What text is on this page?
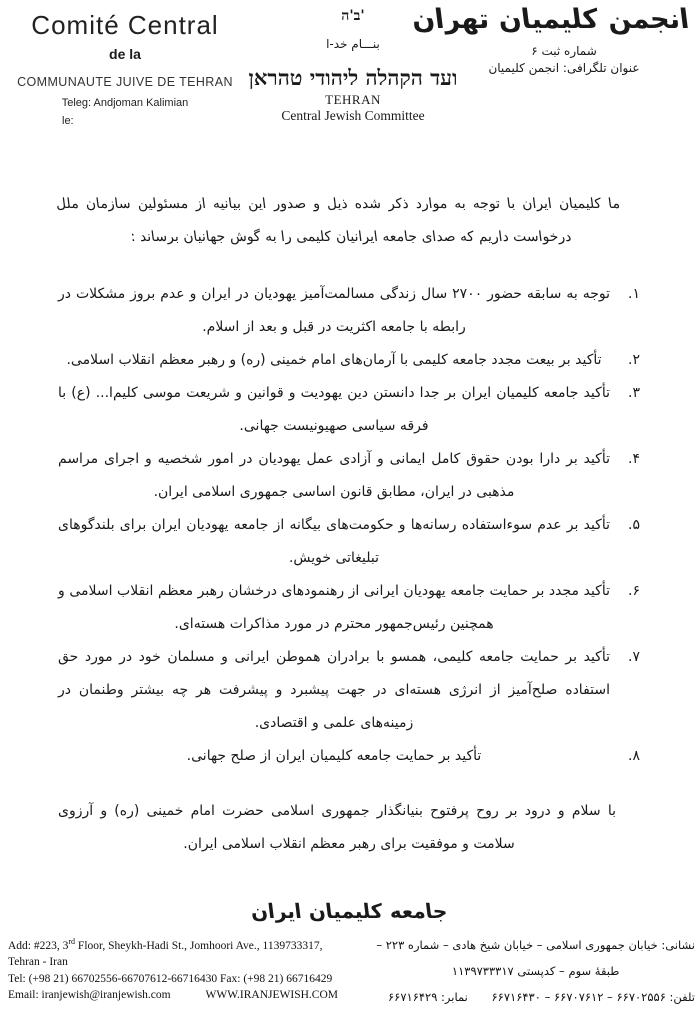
Comité Central
de la
COMMUNAUTE JUIVE DE TEHRAN
Teleg: Andjoman Kalimian
le:
ב'ה'
بنـــام خد-ا
ועד הקהלה ליהודי טהראן
TEHRAN
Central Jewish Committee
انجمن کلیمیان تهران
شماره ثبت ۶
عنوان تلگرافی: انجمن کلیمیان

ما کلیمیان ایران با توجه به موارد ذکر شده ذیل و صدور این بیانیه از مسئولین سازمان ملل درخواست داریم که صدای جامعه ایرانیان کلیمی را به گوش جهانیان برساند :

۱.
توجه به سابقه حضور ۲۷۰۰ سال زندگی مسالمت‌آمیز یهودیان در ایران و عدم بروز مشکلات در رابطه با جامعه اکثریت در قبل و بعد از اسلام.
۲.
تأکید بر بیعت مجدد جامعه کلیمی با آرمان‌های امام خمینی (ره) و رهبر معظم انقلاب اسلامی.
۳.
تأکید جامعه کلیمیان ایران بر جدا دانستن دین یهودیت و قوانین و شریعت موسی کلیم‌ا... (ع) با فرقه سیاسی صهیونیست جهانی.
۴.
تأکید بر دارا بودن حقوق کامل ایمانی و آزادی عمل یهودیان در امور شخصیه و اجرای مراسم مذهبی در ایران، مطابق قانون اساسی جمهوری اسلامی ایران.
۵.
تأکید بر عدم سوءاستفاده رسانه‌ها و حکومت‌های بیگانه از جامعه یهودیان ایران برای بلندگوهای تبلیغاتی خویش.
۶.
تأکید مجدد بر حمایت جامعه یهودیان ایرانی از رهنمودهای درخشان رهبر معظم انقلاب اسلامی و همچنین رئیس‌جمهور محترم در مورد مذاکرات هسته‌ای.
۷.
تأکید بر حمایت جامعه کلیمی، همسو با برادران هموطن ایرانی و مسلمان خود در مورد حق استفاده صلح‌آمیز از انرژی هسته‌ای در جهت پیشبرد و پیشرفت هر چه بیشتر وطنمان در زمینه‌های علمی و اقتصادی.
۸.
تأکید بر حمایت جامعه کلیمیان ایران از صلح جهانی.

با سلام و درود بر روح پرفتوح بنیانگذار جمهوری اسلامی حضرت امام خمینی (ره) و آرزوی سلامت و موفقیت برای رهبر معظم انقلاب اسلامی ایران.

جامعه کلیمیان ایران
Add: #223, 3rd Floor, Sheykh-Hadi St., Jomhoori Ave., 1139733317,
Tehran - Iran
Tel: (+98 21) 66702556-66707612-66716430 Fax: (+98 21) 66716429
Email: iranjewish@iranjewish.com	WWW.IRANJEWISH.COM
نشانی: خیابان جمهوری اسلامی – خیابان شیخ هادی – شماره ۲۲۳ –
طبقهٔ سوم – کدپستی ۱۱۳۹۷۳۳۳۱۷
تلفن: ۶۶۷۰۲۵۵۶ – ۶۶۷۰۷۶۱۲ – ۶۶۷۱۶۴۳۰ نمابر: ۶۶۷۱۶۴۲۹
